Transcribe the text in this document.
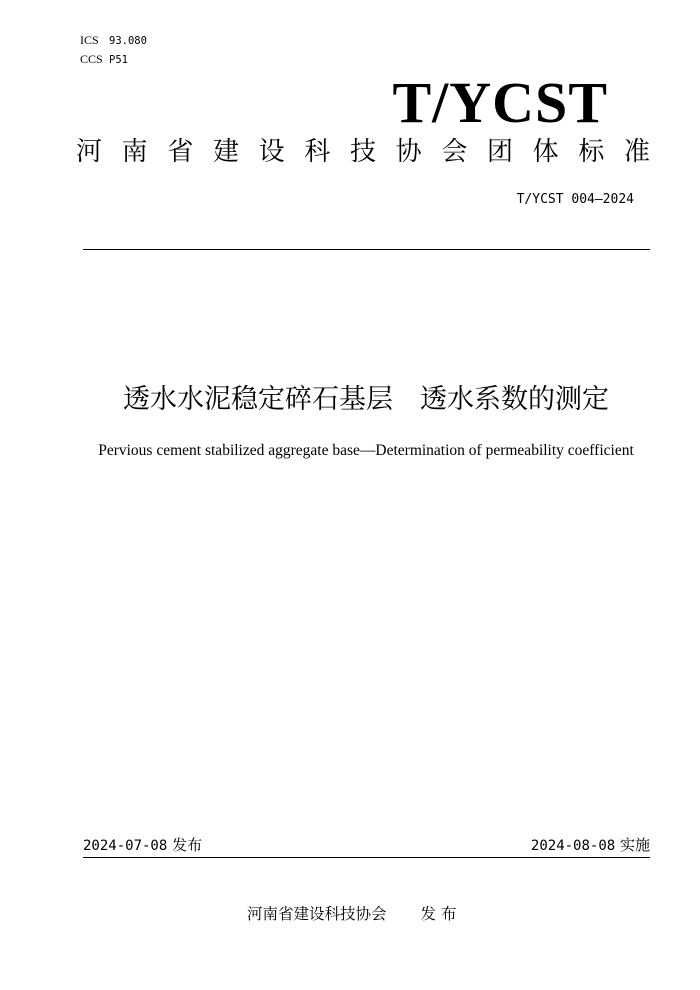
ICS 93.080
CCS P51
T/YCST
河南省建设科技协会团体标准
T/YCST 004—2024
透水水泥稳定碎石基层　透水系数的测定
Pervious cement stabilized aggregate base—Determination of permeability coefficient
2024-07-08 发布	2024-08-08 实施
河南省建设科技协会 发 布
